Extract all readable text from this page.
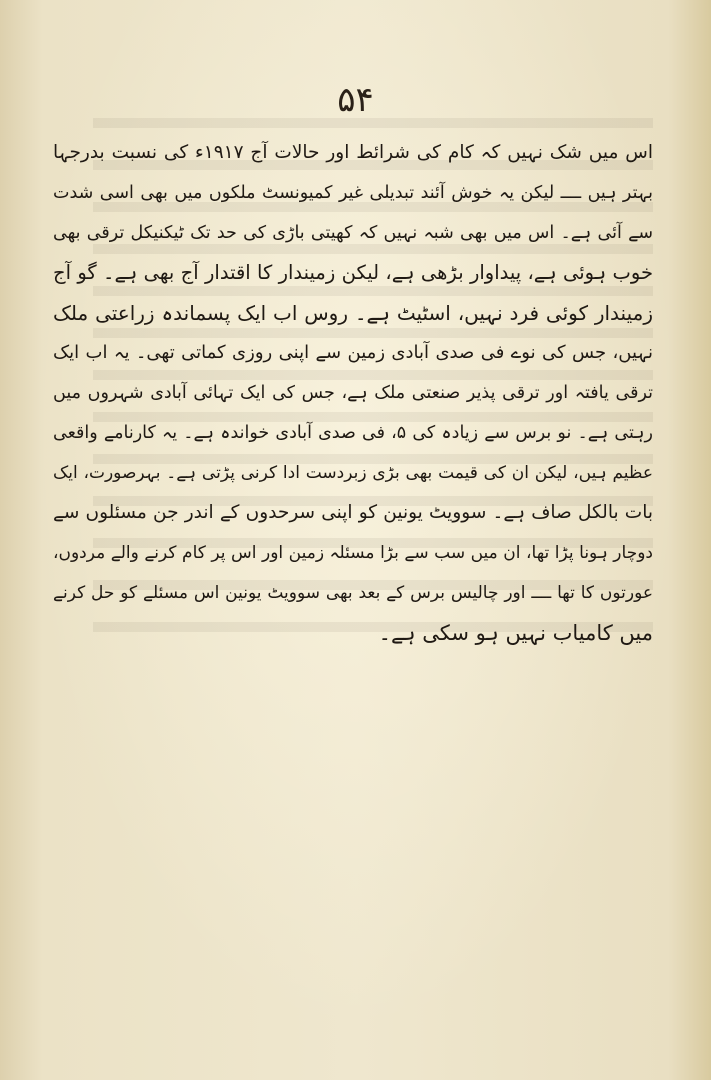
۵۴
اس میں شک نہیں کہ کام کی شرائط اور حالات آج ۱۹۱۷ء کی نسبت بدرجہا
بہتر ہیں ــــ لیکن یہ خوش آئند تبدیلی غیر کمیونسٹ ملکوں میں بھی اسی شدت
سے آئی ہے۔ اس میں بھی شبہ نہیں کہ کھیتی باڑی کی حد تک ٹیکنیکل ترقی بھی
خوب ہوئی ہے، پیداوار بڑھی ہے، لیکن زمیندار کا اقتدار آج بھی ہے۔ گو آج
زمیندار کوئی فرد نہیں، اسٹیٹ ہے۔ روس اب ایک پسماندہ زراعتی ملک
نہیں، جس کی نوے فی صدی آبادی زمین سے اپنی روزی کماتی تھی۔ یہ اب ایک
ترقی یافتہ اور ترقی پذیر صنعتی ملک ہے، جس کی ایک تہائی آبادی شہروں میں
رہتی ہے۔ نو برس سے زیادہ کی ۵، فی صدی آبادی خواندہ ہے۔ یہ کارنامے واقعی
عظیم ہیں، لیکن ان کی قیمت بھی بڑی زبردست ادا کرنی پڑتی ہے۔ بہرصورت، ایک
بات بالکل صاف ہے۔ سوویٹ یونین کو اپنی سرحدوں کے اندر جن مسئلوں سے
دوچار ہونا پڑا تھا، ان میں سب سے بڑا مسئلہ زمین اور اس پر کام کرنے والے مردوں،
عورتوں کا تھا ــــ اور چالیس برس کے بعد بھی سوویٹ یونین اس مسئلے کو حل کرنے
میں کامیاب نہیں ہو سکی ہے۔
